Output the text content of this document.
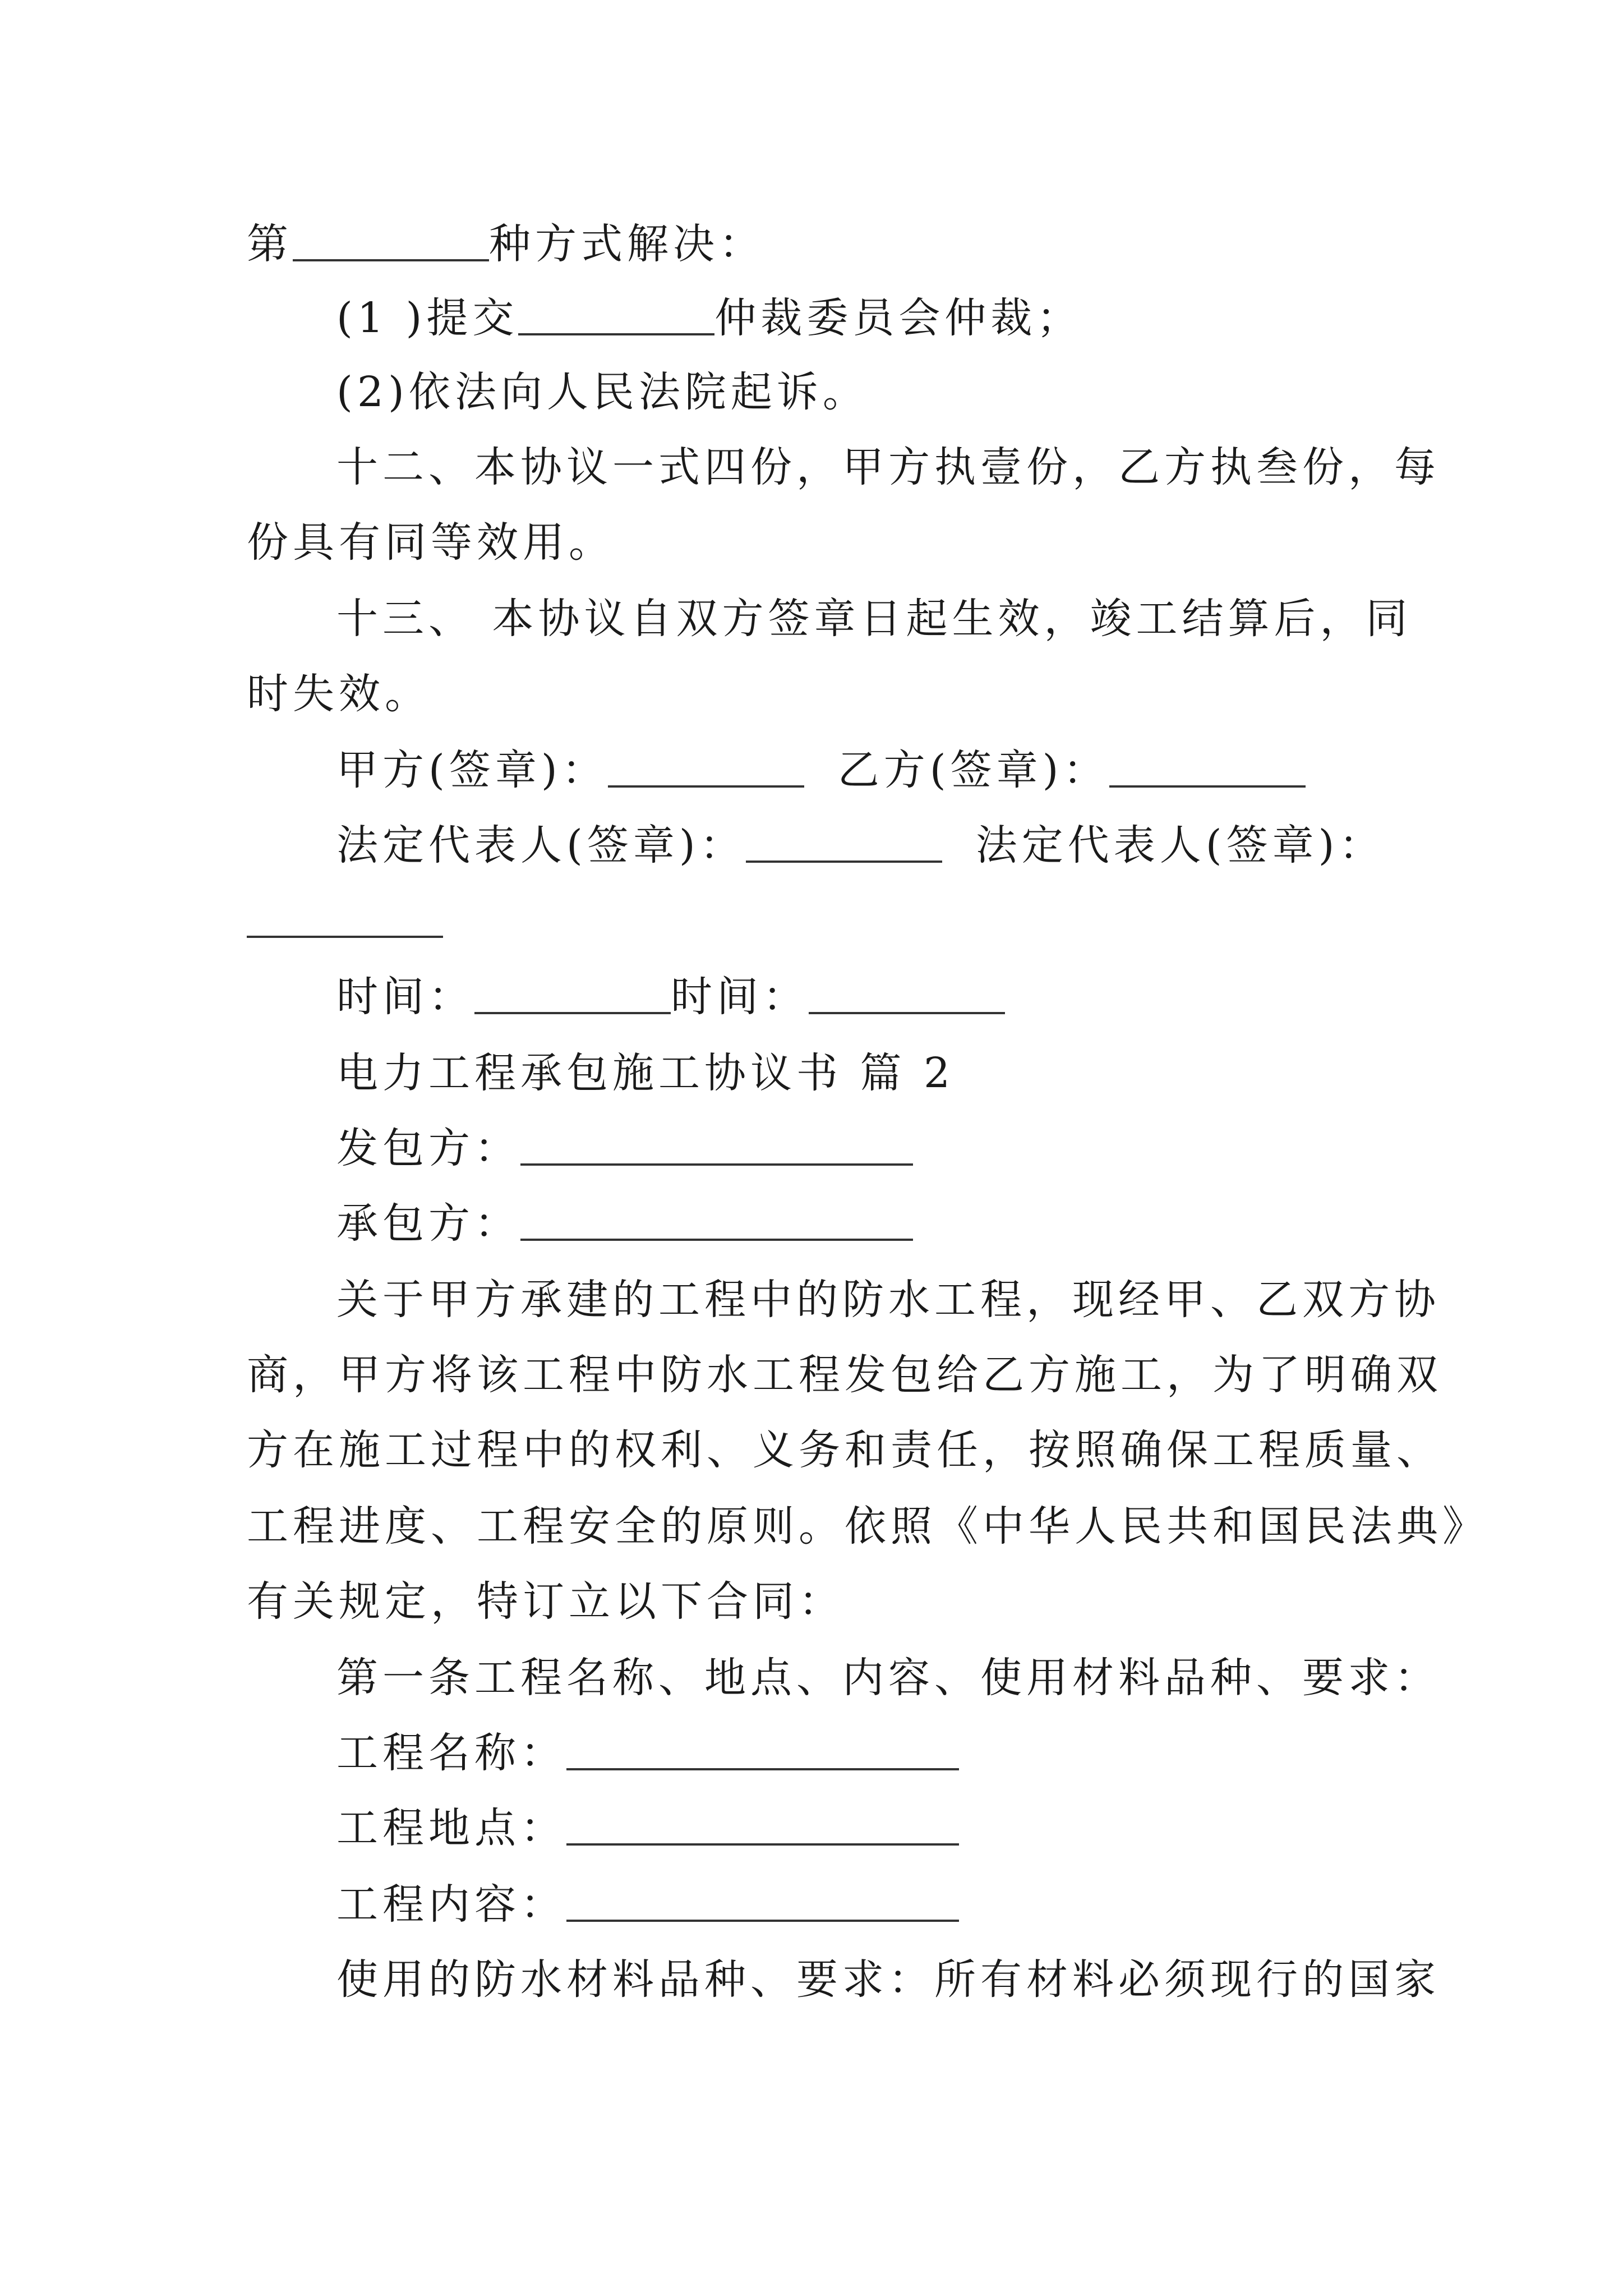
第	种方式解决：
(1 )提交	仲裁委员会仲裁；
(2)依法向人民法院起诉。
十二、本协议一式四份，甲方执壹份，乙方执叁份，每
份具有同等效用。
十三、 本协议自双方签章日起生效，竣工结算后，同
时失效。
甲方(签章)：	乙方(签章)：
法定代表人(签章)：	法定代表人(签章)：
时间：	时间：
电力工程承包施工协议书 篇 2
发包方：
承包方：
关于甲方承建的工程中的防水工程，现经甲、乙双方协
商，甲方将该工程中防水工程发包给乙方施工，为了明确双
方在施工过程中的权利、义务和责任，按照确保工程质量、
工程进度、工程安全的原则。依照《中华人民共和国民法典》
有关规定，特订立以下合同：
第一条工程名称、地点、内容、使用材料品种、要求：
工程名称：
工程地点：
工程内容：
使用的防水材料品种、要求：所有材料必须现行的国家
